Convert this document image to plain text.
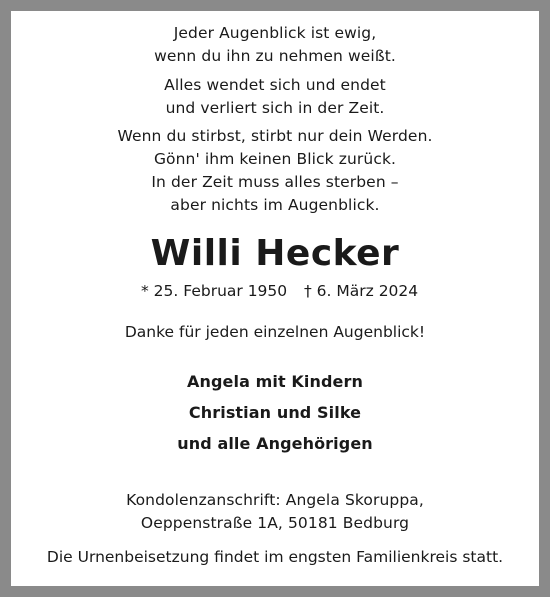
Jeder Augenblick ist ewig,
wenn du ihn zu nehmen weißt.
Alles wendet sich und endet
und verliert sich in der Zeit.
Wenn du stirbst, stirbt nur dein Werden.
Gönn' ihm keinen Blick zurück.
In der Zeit muss alles sterben –
aber nichts im Augenblick.
Willi Hecker
* 25. Februar 1950 † 6. März 2024
Danke für jeden einzelnen Augenblick!
Angela mit Kindern
Christian und Silke
und alle Angehörigen
Kondolenzanschrift: Angela Skoruppa,
Oeppenstraße 1A, 50181 Bedburg
Die Urnenbeisetzung findet im engsten Familienkreis statt.
